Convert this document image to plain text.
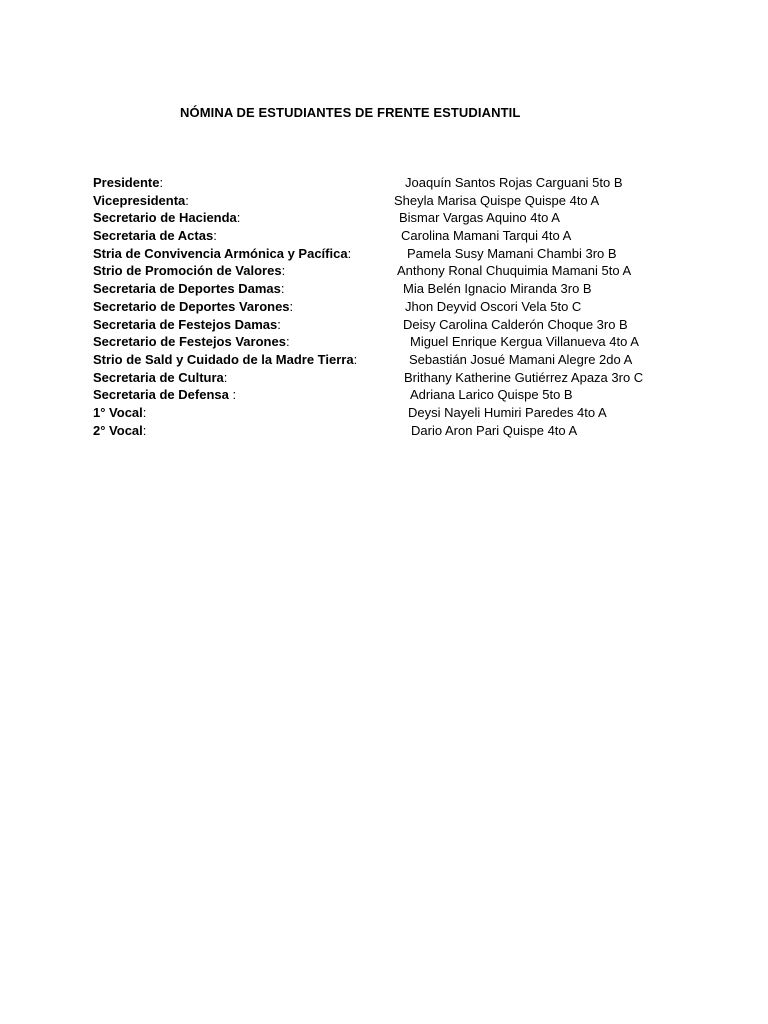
NÓMINA DE ESTUDIANTES DE FRENTE ESTUDIANTIL
Presidente:	Joaquín Santos Rojas Carguani 5to B
Vicepresidenta:	Sheyla Marisa Quispe Quispe 4to A
Secretario de Hacienda:	Bismar Vargas Aquino 4to A
Secretaria de Actas:	Carolina Mamani Tarqui 4to A
Stria de Convivencia Armónica y Pacífica:	Pamela Susy Mamani Chambi 3ro B
Strio de Promoción de Valores:	Anthony Ronal Chuquimia Mamani 5to A
Secretaria de Deportes Damas:	Mia Belén Ignacio Miranda 3ro B
Secretario de Deportes Varones:	Jhon Deyvid Oscori Vela 5to C
Secretaria de Festejos Damas:	Deisy Carolina Calderón Choque 3ro B
Secretario de Festejos Varones:	Miguel Enrique Kergua Villanueva 4to A
Strio de Sald y Cuidado de la Madre Tierra:	Sebastián Josué Mamani Alegre 2do A
Secretaria de Cultura:	Brithany Katherine Gutiérrez Apaza 3ro C
Secretaria de Defensa :	Adriana Larico Quispe 5to B
1° Vocal:	Deysi Nayeli Humiri Paredes 4to A
2° Vocal:	Dario Aron Pari Quispe 4to A
